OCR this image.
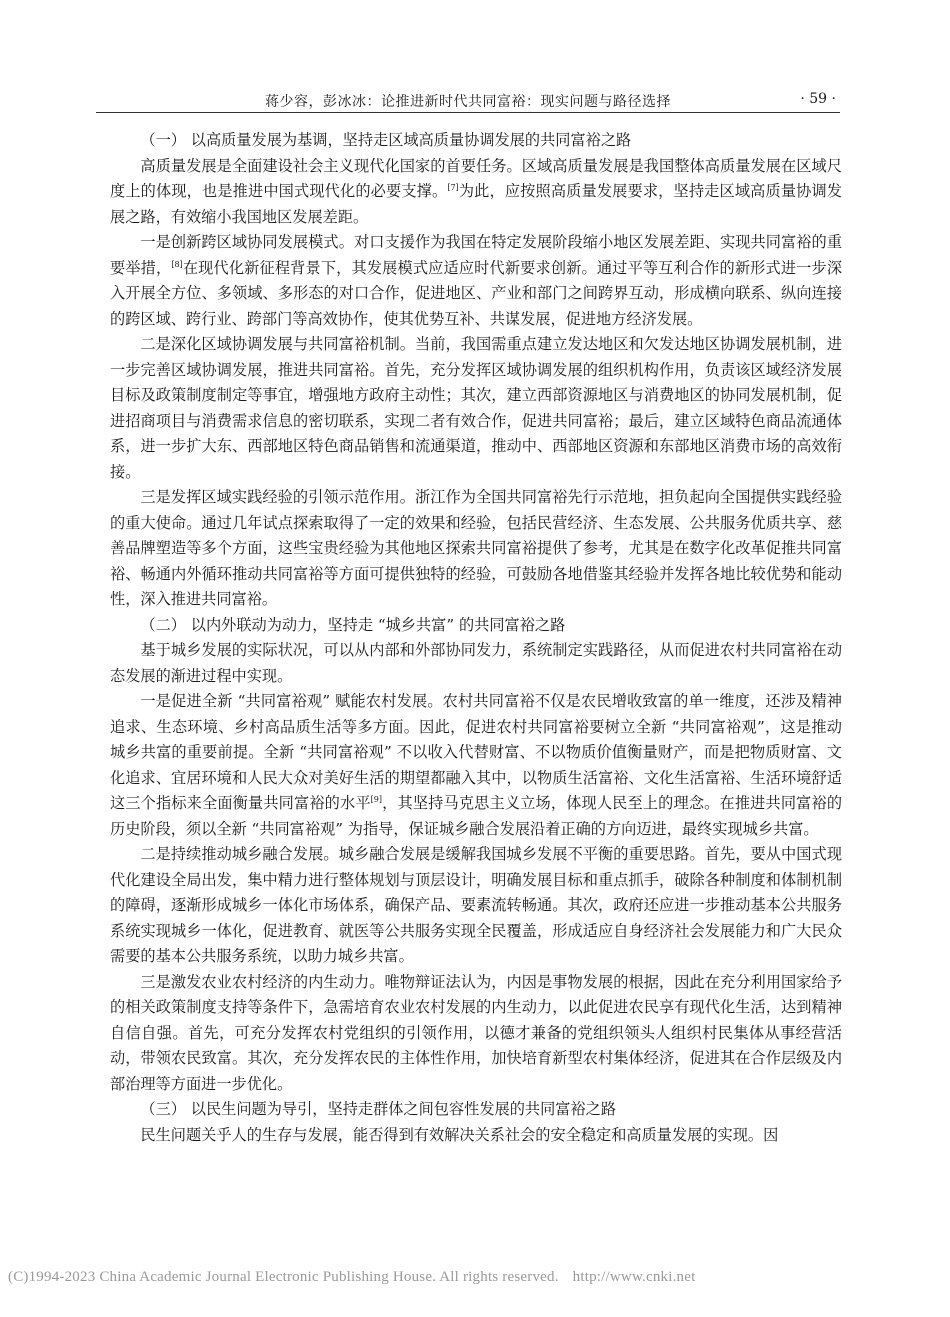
蒋少容，彭冰冰：论推进新时代共同富裕：现实问题与路径选择	· 59 ·

（一） 以高质量发展为基调，坚持走区域高质量协调发展的共同富裕之路

高质量发展是全面建设社会主义现代化国家的首要任务。区域高质量发展是我国整体高质量发展在区域尺度上的体现，也是推进中国式现代化的必要支撑。[7]为此，应按照高质量发展要求，坚持走区域高质量协调发展之路，有效缩小我国地区发展差距。

一是创新跨区域协同发展模式。对口支援作为我国在特定发展阶段缩小地区发展差距、实现共同富裕的重要举措，[8]在现代化新征程背景下，其发展模式应适应时代新要求创新。通过平等互利合作的新形式进一步深入开展全方位、多领域、多形态的对口合作，促进地区、产业和部门之间跨界互动，形成横向联系、纵向连接的跨区域、跨行业、跨部门等高效协作，使其优势互补、共谋发展，促进地方经济发展。

二是深化区域协调发展与共同富裕机制。当前，我国需重点建立发达地区和欠发达地区协调发展机制，进一步完善区域协调发展，推进共同富裕。首先，充分发挥区域协调发展的组织机构作用，负责该区域经济发展目标及政策制度制定等事宜，增强地方政府主动性；其次，建立西部资源地区与消费地区的协同发展机制，促进招商项目与消费需求信息的密切联系，实现二者有效合作，促进共同富裕；最后，建立区域特色商品流通体系，进一步扩大东、西部地区特色商品销售和流通渠道，推动中、西部地区资源和东部地区消费市场的高效衔接。

三是发挥区域实践经验的引领示范作用。浙江作为全国共同富裕先行示范地，担负起向全国提供实践经验的重大使命。通过几年试点探索取得了一定的效果和经验，包括民营经济、生态发展、公共服务优质共享、慈善品牌塑造等多个方面，这些宝贵经验为其他地区探索共同富裕提供了参考，尤其是在数字化改革促推共同富裕、畅通内外循环推动共同富裕等方面可提供独特的经验，可鼓励各地借鉴其经验并发挥各地比较优势和能动性，深入推进共同富裕。

（二） 以内外联动为动力，坚持走 “城乡共富” 的共同富裕之路

基于城乡发展的实际状况，可以从内部和外部协同发力，系统制定实践路径，从而促进农村共同富裕在动态发展的渐进过程中实现。

一是促进全新 “共同富裕观” 赋能农村发展。农村共同富裕不仅是农民增收致富的单一维度，还涉及精神追求、生态环境、乡村高品质生活等多方面。因此，促进农村共同富裕要树立全新 “共同富裕观”，这是推动城乡共富的重要前提。全新 “共同富裕观” 不以收入代替财富、不以物质价值衡量财产，而是把物质财富、文化追求、宜居环境和人民大众对美好生活的期望都融入其中，以物质生活富裕、文化生活富裕、生活环境舒适这三个指标来全面衡量共同富裕的水平[9]，其坚持马克思主义立场，体现人民至上的理念。在推进共同富裕的历史阶段，须以全新 “共同富裕观” 为指导，保证城乡融合发展沿着正确的方向迈进，最终实现城乡共富。

二是持续推动城乡融合发展。城乡融合发展是缓解我国城乡发展不平衡的重要思路。首先，要从中国式现代化建设全局出发，集中精力进行整体规划与顶层设计，明确发展目标和重点抓手，破除各种制度和体制机制的障碍，逐渐形成城乡一体化市场体系，确保产品、要素流转畅通。其次，政府还应进一步推动基本公共服务系统实现城乡一体化，促进教育、就医等公共服务实现全民覆盖，形成适应自身经济社会发展能力和广大民众需要的基本公共服务系统，以助力城乡共富。

三是激发农业农村经济的内生动力。唯物辩证法认为，内因是事物发展的根据，因此在充分利用国家给予的相关政策制度支持等条件下，急需培育农业农村发展的内生动力，以此促进农民享有现代化生活，达到精神自信自强。首先，可充分发挥农村党组织的引领作用，以德才兼备的党组织领头人组织村民集体从事经营活动，带领农民致富。其次，充分发挥农民的主体性作用，加快培育新型农村集体经济，促进其在合作层级及内部治理等方面进一步优化。

（三） 以民生问题为导引，坚持走群体之间包容性发展的共同富裕之路

民生问题关乎人的生存与发展，能否得到有效解决关系社会的安全稳定和高质量发展的实现。因

(C)1994-2023 China Academic Journal Electronic Publishing House. All rights reserved. http://www.cnki.net
